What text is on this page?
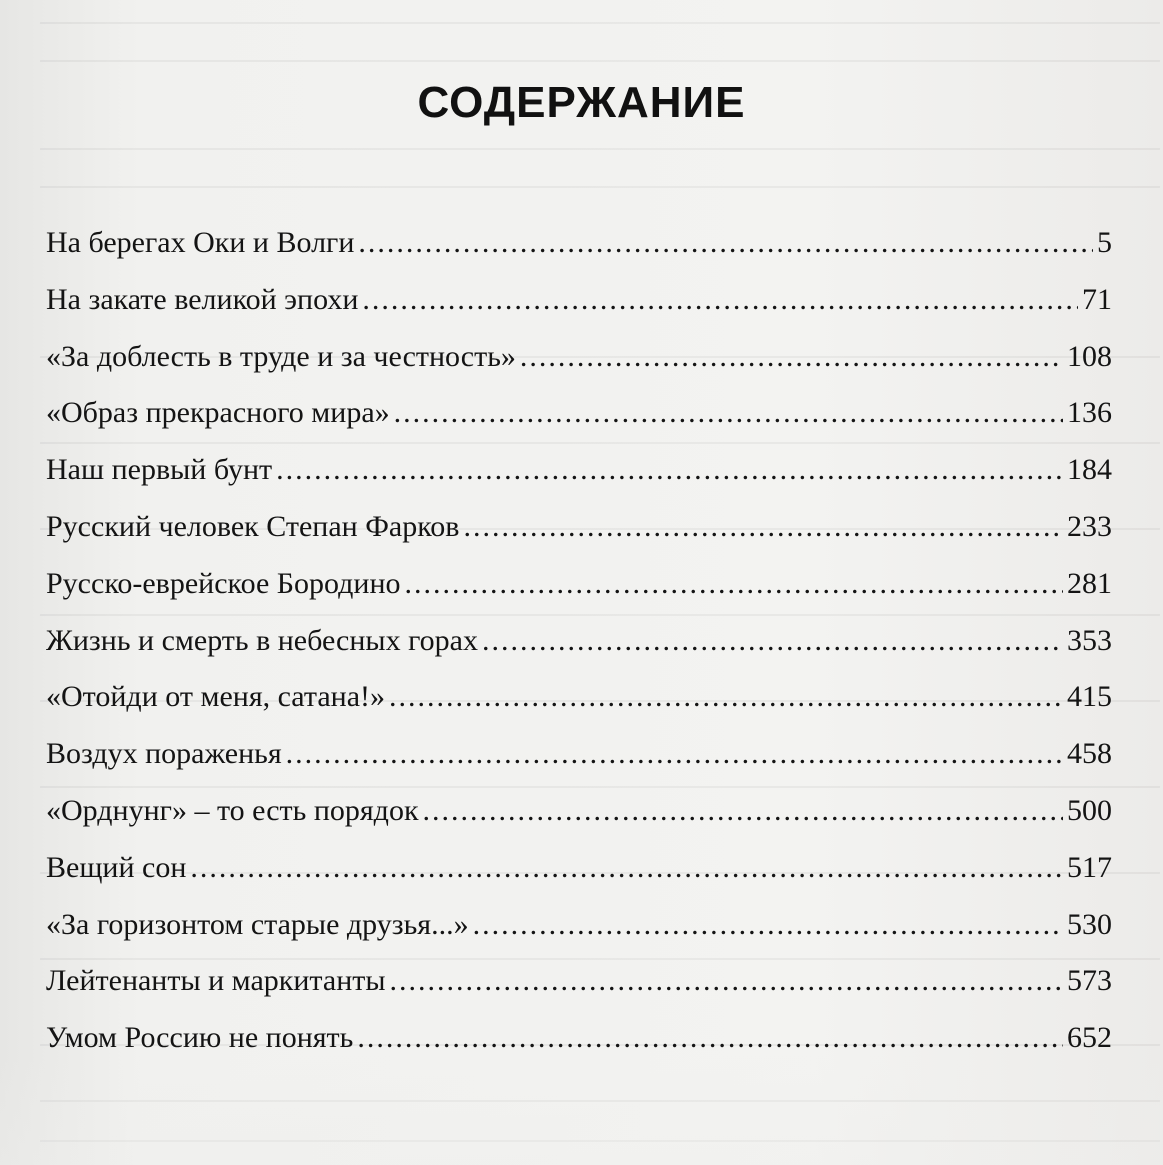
СОДЕРЖАНИЕ
На берегах Оки и Волги .....	5
На закате великой эпохи .....	71
«За доблесть в труде и за честность» .....	108
«Образ прекрасного мира» .....	136
Наш первый бунт .....	184
Русский человек Степан Фарков .....	233
Русско-еврейское Бородино .....	281
Жизнь и смерть в небесных горах .....	353
«Отойди от меня, сатана!» .....	415
Воздух пораженья .....	458
«Орднунг» – то есть порядок .....	500
Вещий сон .....	517
«За горизонтом старые друзья...» .....	530
Лейтенанты и маркитанты .....	573
Умом Россию не понять .....	652
